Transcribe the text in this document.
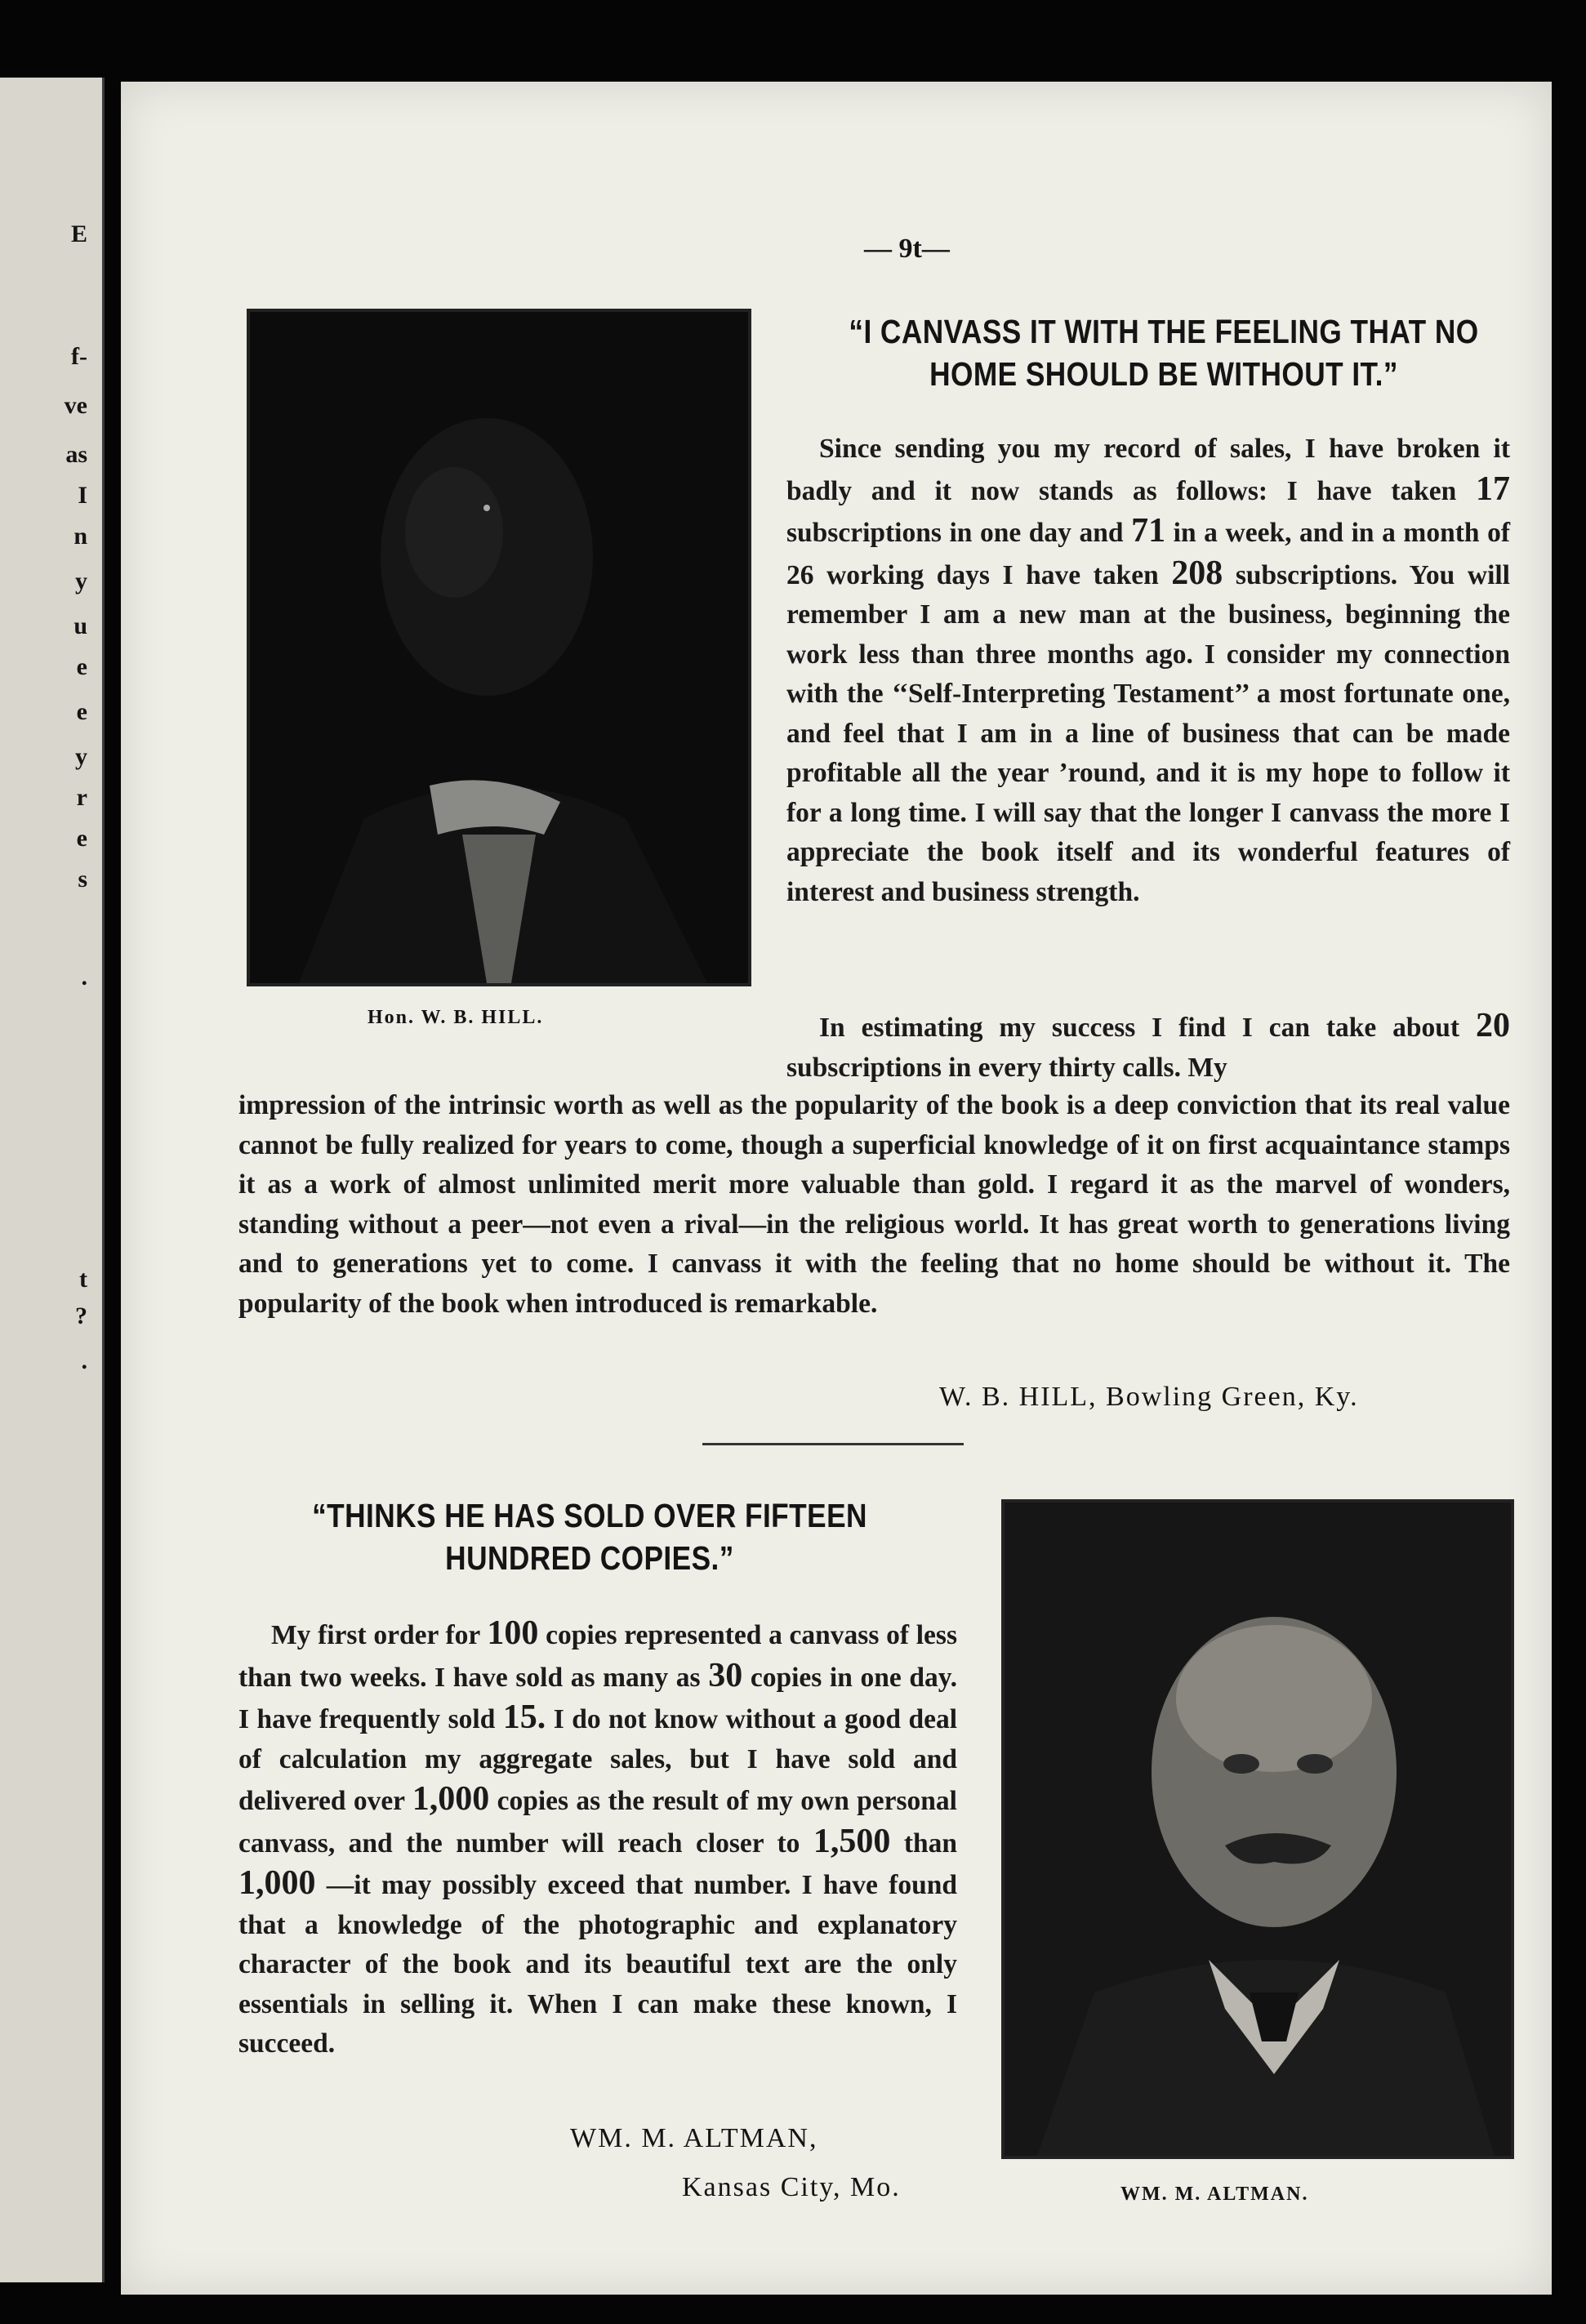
E
f-
ve
as
I
n
y
u
e
e
y
r
e
s
.
t
?
.
— 9t—
Hon. W. B. HILL.
“I CANVASS IT WITH THE FEELING THAT NO
HOME SHOULD BE WITHOUT IT.”
Since sending you my record of sales, I have broken it badly and it now stands as follows: I have taken 17 subscriptions in one day and 71 in a week, and in a month of 26 working days I have taken 208 subscriptions. You will remember I am a new man at the business, beginning the work less than three months ago. I consider my connection with the ‘‘Self-Interpreting Testament’’ a most fortunate one, and feel that I am in a line of business that can be made profitable all the year ’round, and it is my hope to follow it for a long time. I will say that the longer I canvass the more I appreciate the book itself and its wonderful features of interest and business strength.
In estimating my success I find I can take about 20 subscriptions in every thirty calls. My
impression of the intrinsic worth as well as the popularity of the book is a deep conviction that its real value cannot be fully realized for years to come, though a superficial knowledge of it on first acquaintance stamps it as a work of almost unlimited merit more valuable than gold. I regard it as the marvel of wonders, standing without a peer—not even a rival—in the religious world. It has great worth to generations living and to generations yet to come. I canvass it with the feeling that no home should be without it. The popularity of the book when introduced is remarkable.
W. B. HILL, Bowling Green, Ky.
“THINKS HE HAS SOLD OVER FIFTEEN
HUNDRED COPIES.”
My first order for 100 copies represented a canvass of less than two weeks. I have sold as many as 30 copies in one day. I have frequently sold 15. I do not know without a good deal of calculation my aggregate sales, but I have sold and delivered over 1,000 copies as the result of my own personal canvass, and the number will reach closer to 1,500 than 1,000 —it may possibly exceed that number. I have found that a knowledge of the photographic and explanatory character of the book and its beautiful text are the only essentials in selling it. When I can make these known, I succeed.
WM. M. ALTMAN,
Kansas City, Mo.	WM. M. ALTMAN.
